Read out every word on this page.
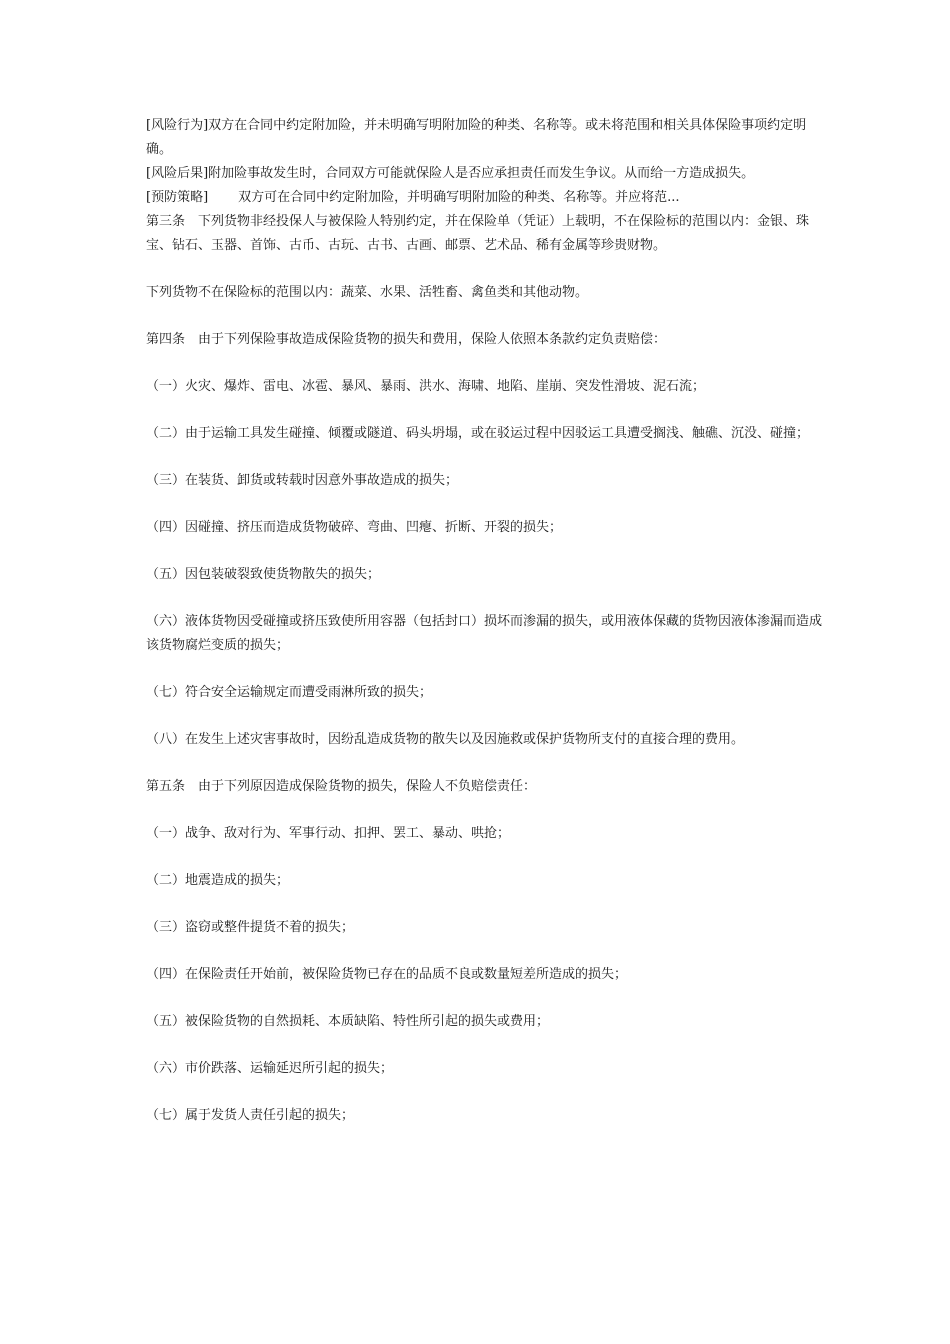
[风险行为]双方在合同中约定附加险，并未明确写明附加险的种类、名称等。或未将范围和相关具体保险事项约定明确。

[风险后果]附加险事故发生时，合同双方可能就保险人是否应承担责任而发生争议。从而给一方造成损失。

[预防策略] 双方可在合同中约定附加险，并明确写明附加险的种类、名称等。并应将范...

第三条　下列货物非经投保人与被保险人特别约定，并在保险单（凭证）上载明，不在保险标的范围以内：金银、珠宝、钻石、玉器、首饰、古币、古玩、古书、古画、邮票、艺术品、稀有金属等珍贵财物。

下列货物不在保险标的范围以内：蔬菜、水果、活牲畜、禽鱼类和其他动物。

第四条　由于下列保险事故造成保险货物的损失和费用，保险人依照本条款约定负责赔偿：

（一）火灾、爆炸、雷电、冰雹、暴风、暴雨、洪水、海啸、地陷、崖崩、突发性滑坡、泥石流；

（二）由于运输工具发生碰撞、倾覆或隧道、码头坍塌，或在驳运过程中因驳运工具遭受搁浅、触礁、沉没、碰撞；

（三）在装货、卸货或转载时因意外事故造成的损失；

（四）因碰撞、挤压而造成货物破碎、弯曲、凹瘪、折断、开裂的损失；

（五）因包装破裂致使货物散失的损失；

（六）液体货物因受碰撞或挤压致使所用容器（包括封口）损坏而渗漏的损失，或用液体保藏的货物因液体渗漏而造成该货物腐烂变质的损失；

（七）符合安全运输规定而遭受雨淋所致的损失；

（八）在发生上述灾害事故时，因纷乱造成货物的散失以及因施救或保护货物所支付的直接合理的费用。

第五条　由于下列原因造成保险货物的损失，保险人不负赔偿责任：

（一）战争、敌对行为、军事行动、扣押、罢工、暴动、哄抢；

（二）地震造成的损失；

（三）盗窃或整件提货不着的损失；

（四）在保险责任开始前，被保险货物已存在的品质不良或数量短差所造成的损失；

（五）被保险货物的自然损耗、本质缺陷、特性所引起的损失或费用；

（六）市价跌落、运输延迟所引起的损失；

（七）属于发货人责任引起的损失；
